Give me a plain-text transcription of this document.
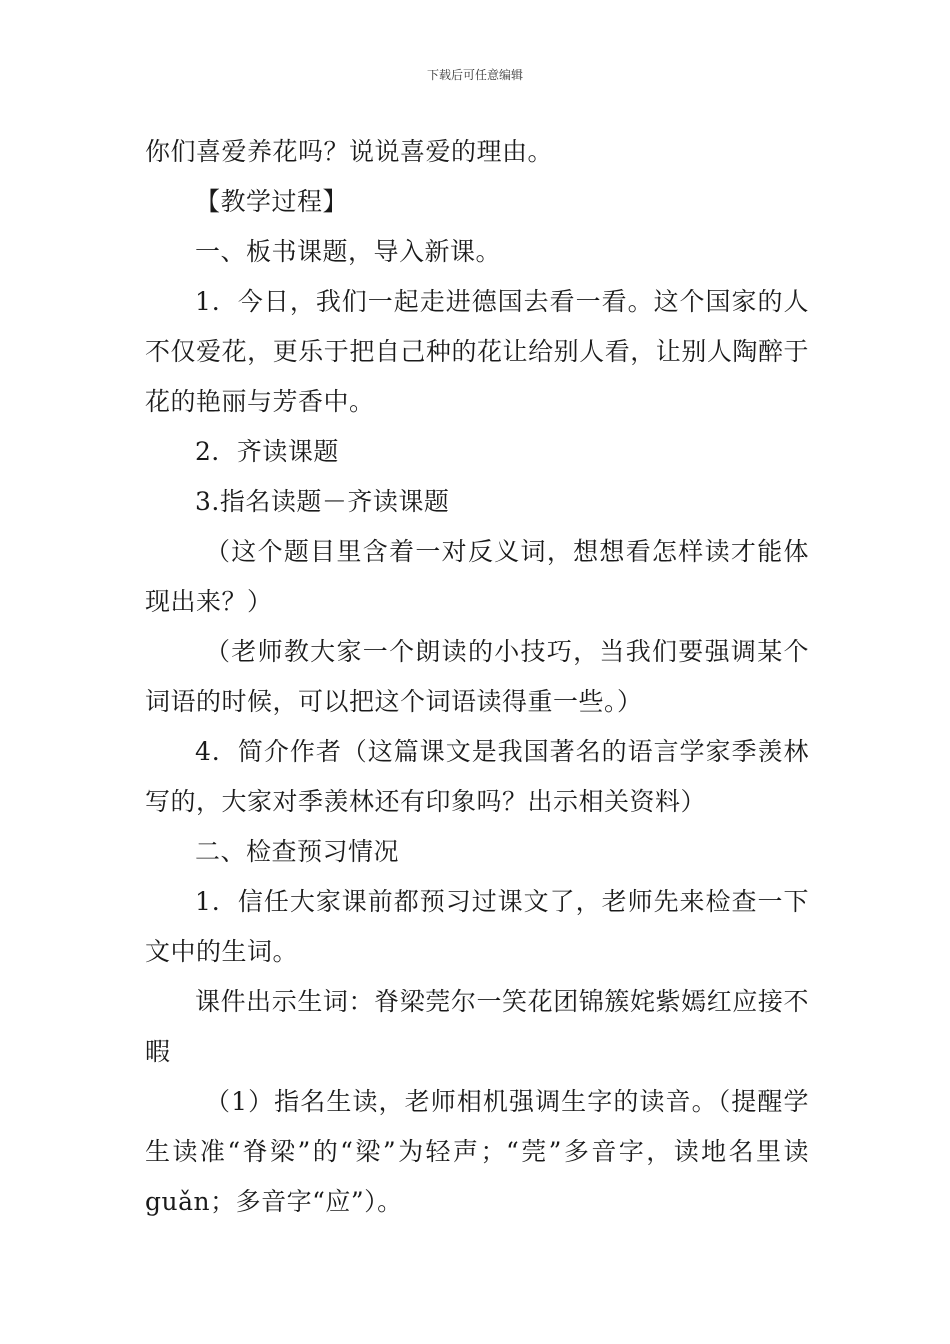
下载后可任意编辑

你们喜爱养花吗？说说喜爱的理由。

【教学过程】

一、板书课题，导入新课。

1．今日，我们一起走进德国去看一看。这个国家的人不仅爱花，更乐于把自己种的花让给别人看，让别人陶醉于花的艳丽与芳香中。

2．齐读课题

3.指名读题－齐读课题

（这个题目里含着一对反义词，想想看怎样读才能体现出来？）

（老师教大家一个朗读的小技巧，当我们要强调某个词语的时候，可以把这个词语读得重一些。）

4．简介作者（这篇课文是我国著名的语言学家季羡林写的，大家对季羡林还有印象吗？出示相关资料）

二、检查预习情况

1．信任大家课前都预习过课文了，老师先来检查一下文中的生词。

课件出示生词：脊梁莞尔一笑花团锦簇姹紫嫣红应接不暇

（1）指名生读，老师相机强调生字的读音。（提醒学生读准“脊梁”的“梁”为轻声；“莞”多音字，读地名里读 guǎn；多音字“应”）。
